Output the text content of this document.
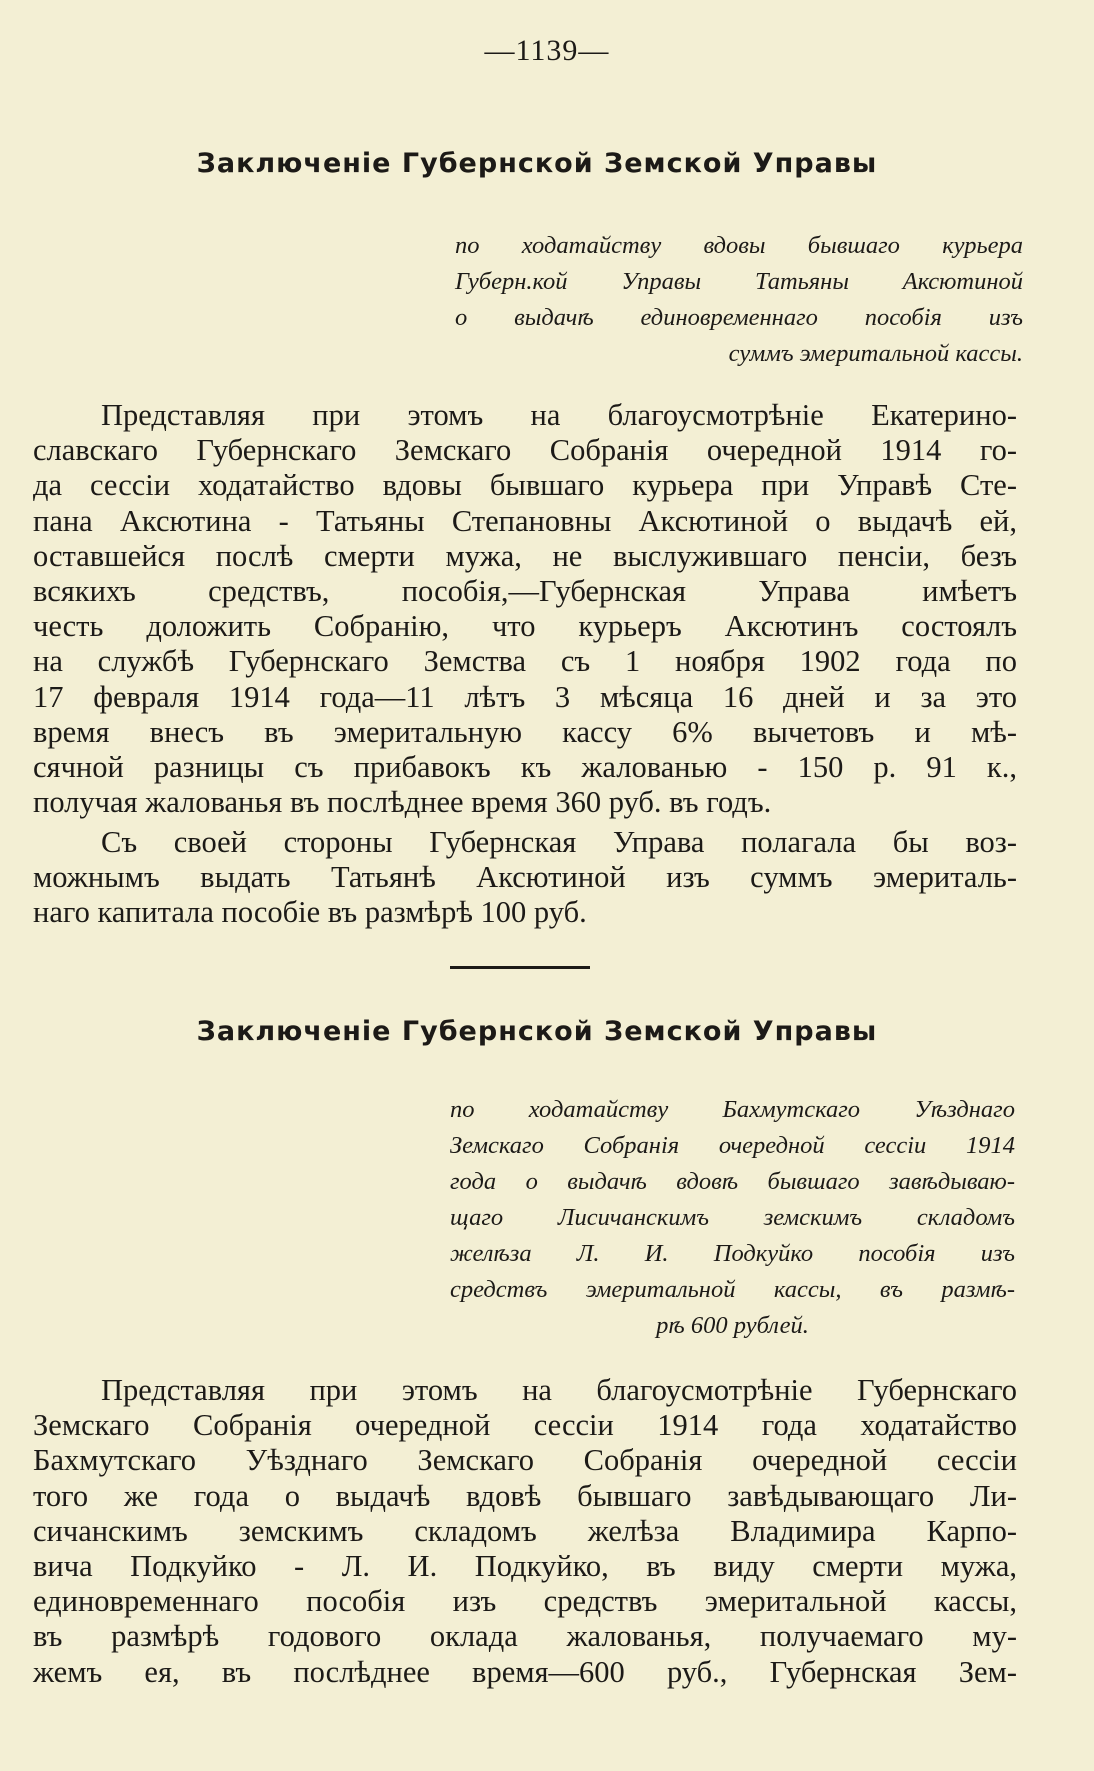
—1139—
Заключенiе Губернской Земской Управы
по ходатайству вдовы бывшаго курьера
Губерн.кой Управы Татьяны Аксютиной
о выдачѣ единовременнаго пособiя изъ
суммъ эмеритальной кассы.
Представляя при этомъ на благоусмотрѣнiе Екатерино-
славскаго Губернскаго Земскаго Собранiя очередной 1914 го-
да сессiи ходатайство вдовы бывшаго курьера при Управѣ Сте-
пана Аксютина - Татьяны Степановны Аксютиной о выдачѣ ей,
оставшейся послѣ смерти мужа, не выслужившаго пенсiи, безъ
всякихъ средствъ, пособiя,—Губернская Управа имѣетъ
честь доложить Собранiю, что курьеръ Аксютинъ состоялъ
на службѣ Губернскаго Земства съ 1 ноября 1902 года по
17 февраля 1914 года—11 лѣтъ 3 мѣсяца 16 дней и за это
время внесъ въ эмеритальную кассу 6% вычетовъ и мѣ-
сячной разницы съ прибавокъ къ жалованью - 150 р. 91 к.,
получая жалованья въ послѣднее время 360 руб. въ годъ.
Съ своей стороны Губернская Управа полагала бы воз-
можнымъ выдать Татьянѣ Аксютиной изъ суммъ эмериталь-
наго капитала пособiе въ размѣрѣ 100 руб.
Заключенiе Губернской Земской Управы
по ходатайству Бахмутскаго Уѣзднаго
Земскаго Собранiя очередной сессiи 1914
года о выдачѣ вдовѣ бывшаго завѣдываю-
щаго Лисичанскимъ земскимъ складомъ
желѣза Л. И. Подкуйко пособiя изъ
средствъ эмеритальной кассы, въ размѣ-
рѣ 600 рублей.
Представляя при этомъ на благоусмотрѣнiе Губернскаго
Земскаго Собранiя очередной сессiи 1914 года ходатайство
Бахмутскаго Уѣзднаго Земскаго Собранiя очередной сессiи
того же года о выдачѣ вдовѣ бывшаго завѣдывающаго Ли-
сичанскимъ земскимъ складомъ желѣза Владимира Карпо-
вича Подкуйко - Л. И. Подкуйко, въ виду смерти мужа,
единовременнаго пособiя изъ средствъ эмеритальной кассы,
въ размѣрѣ годового оклада жалованья, получаемаго му-
жемъ ея, въ послѣднее время—600 руб., Губернская Зем-
